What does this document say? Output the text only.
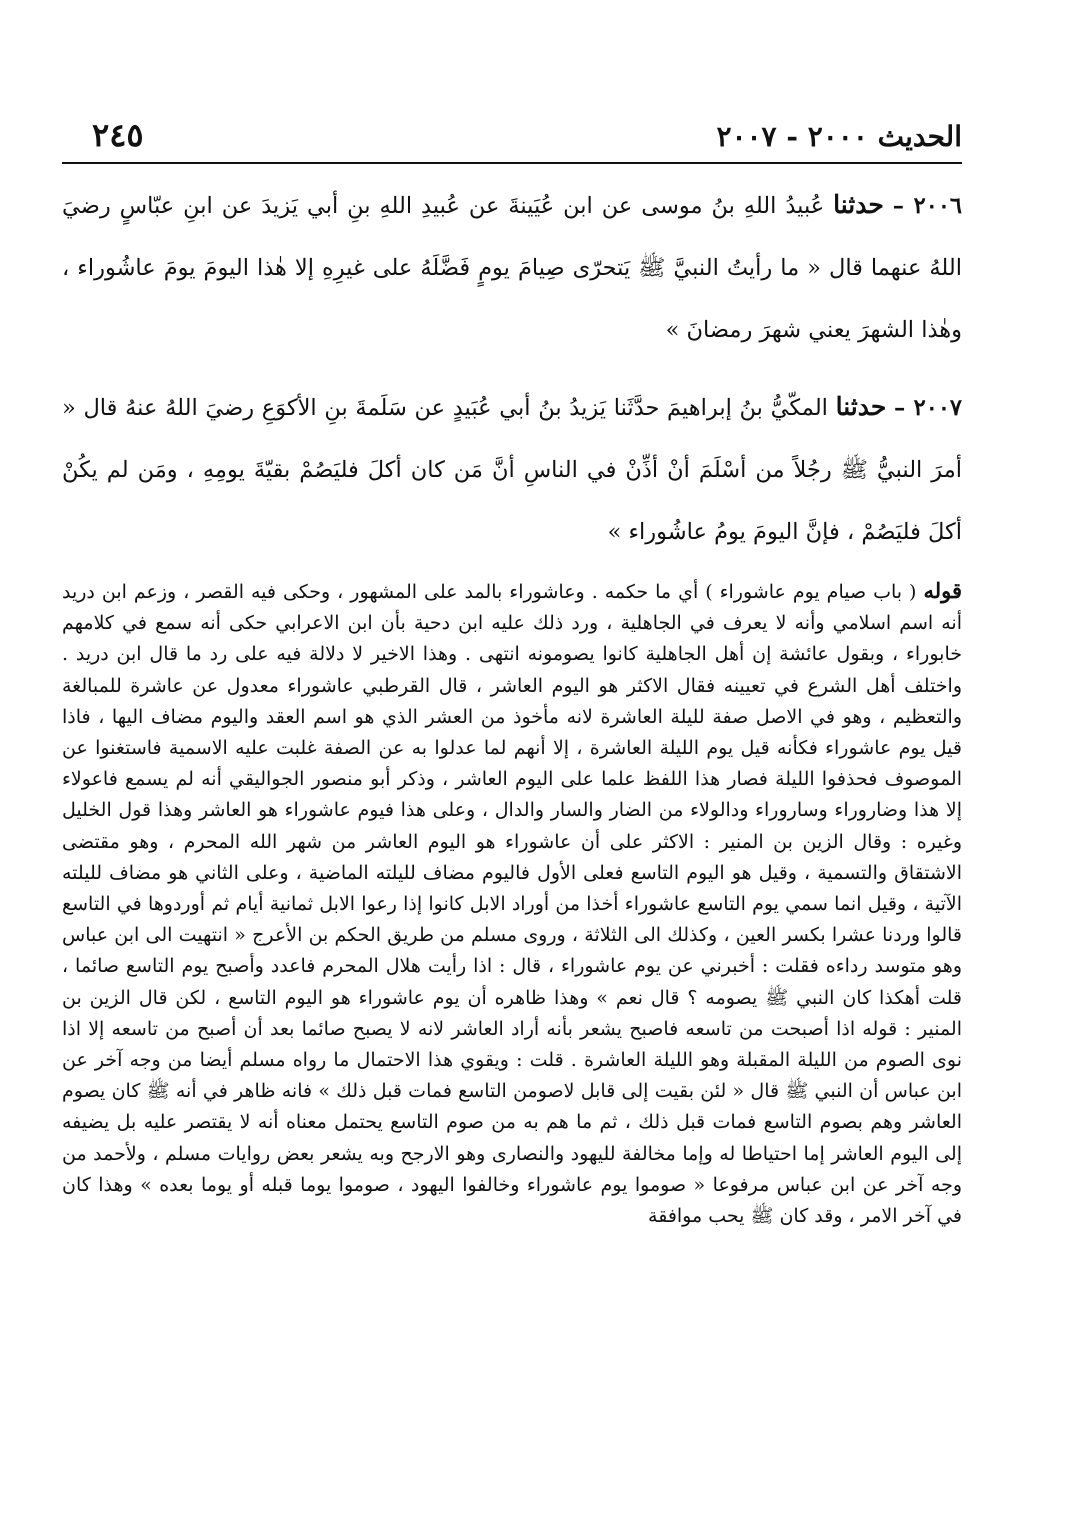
الحديث ۲۰۰۰ - ۲۰۰۷
۲٤٥
۲۰۰٦ – حدثنا عُبيدُ اللهِ بنُ موسى عن ابن عُيَينةَ عن عُبيدِ اللهِ بنِ أبي يَزيدَ عن ابنِ عبّاسٍ رضيَ اللهُ عنهما قال « ما رأيتُ النبيَّ ﷺ يَتحرّى صِيامَ يومٍ فَضَّلَهُ على غيرِهِ إلا هٰذا اليومَ يومَ عاشُوراء ، وهٰذا الشهرَ يعني شهرَ رمضانَ »
۲۰۰۷ – حدثنا المكّيُّ بنُ إبراهيمَ حدَّثَنا يَزيدُ بنُ أبي عُبَيدٍ عن سَلَمةَ بنِ الأكوَعِ رضيَ اللهُ عنهُ قال « أمرَ النبيُّ ﷺ رجُلاً من أسْلَمَ أنْ أذِّنْ في الناسِ أنَّ مَن كان أكلَ فليَصُمْ بقيّةَ يومِهِ ، ومَن لم يكُنْ أكلَ فليَصُمْ ، فإنَّ اليومَ يومُ عاشُوراء »
قوله ( باب صيام يوم عاشوراء ) أي ما حكمه . وعاشوراء بالمد على المشهور ، وحكى فيه القصر ، وزعم ابن دريد أنه اسم اسلامي وأنه لا يعرف في الجاهلية ، ورد ذلك عليه ابن دحية بأن ابن الاعرابي حكى أنه سمع في كلامهم خابوراء ، وبقول عائشة إن أهل الجاهلية كانوا يصومونه انتهى . وهذا الاخير لا دلالة فيه على رد ما قال ابن دريد . واختلف أهل الشرع في تعيينه فقال الاكثر هو اليوم العاشر ، قال القرطبي عاشوراء معدول عن عاشرة للمبالغة والتعظيم ، وهو في الاصل صفة لليلة العاشرة لانه مأخوذ من العشر الذي هو اسم العقد واليوم مضاف اليها ، فاذا قيل يوم عاشوراء فكأنه قيل يوم الليلة العاشرة ، إلا أنهم لما عدلوا به عن الصفة غلبت عليه الاسمية فاستغنوا عن الموصوف فحذفوا الليلة فصار هذا اللفظ علما على اليوم العاشر ، وذكر أبو منصور الجواليقي أنه لم يسمع فاعولاء إلا هذا وضاروراء وساروراء ودالولاء من الضار والسار والدال ، وعلى هذا فيوم عاشوراء هو العاشر وهذا قول الخليل وغيره : وقال الزين بن المنير : الاكثر على أن عاشوراء هو اليوم العاشر من شهر الله المحرم ، وهو مقتضى الاشتقاق والتسمية ، وقيل هو اليوم التاسع فعلى الأول فاليوم مضاف لليلته الماضية ، وعلى الثاني هو مضاف لليلته الآتية ، وقيل انما سمي يوم التاسع عاشوراء أخذا من أوراد الابل كانوا إذا رعوا الابل ثمانية أيام ثم أوردوها في التاسع قالوا وردنا عشرا بكسر العين ، وكذلك الى الثلاثة ، وروى مسلم من طريق الحكم بن الأعرج « انتهيت الى ابن عباس وهو متوسد رداءه فقلت : أخبرني عن يوم عاشوراء ، قال : اذا رأيت هلال المحرم فاعدد وأصبح يوم التاسع صائما ، قلت أهكذا كان النبي ﷺ يصومه ؟ قال نعم » وهذا ظاهره أن يوم عاشوراء هو اليوم التاسع ، لكن قال الزين بن المنير : قوله اذا أصبحت من تاسعه فاصبح يشعر بأنه أراد العاشر لانه لا يصبح صائما بعد أن أصبح من تاسعه إلا اذا نوى الصوم من الليلة المقبلة وهو الليلة العاشرة . قلت : ويقوي هذا الاحتمال ما رواه مسلم أيضا من وجه آخر عن ابن عباس أن النبي ﷺ قال « لئن بقيت إلى قابل لاصومن التاسع فمات قبل ذلك » فانه ظاهر في أنه ﷺ كان يصوم العاشر وهم بصوم التاسع فمات قبل ذلك ، ثم ما هم به من صوم التاسع يحتمل معناه أنه لا يقتصر عليه بل يضيفه إلى اليوم العاشر إما احتياطا له وإما مخالفة لليهود والنصارى وهو الارجح وبه يشعر بعض روايات مسلم ، ولأحمد من وجه آخر عن ابن عباس مرفوعا « صوموا يوم عاشوراء وخالفوا اليهود ، صوموا يوما قبله أو يوما بعده » وهذا كان في آخر الامر ، وقد كان ﷺ يحب موافقة
